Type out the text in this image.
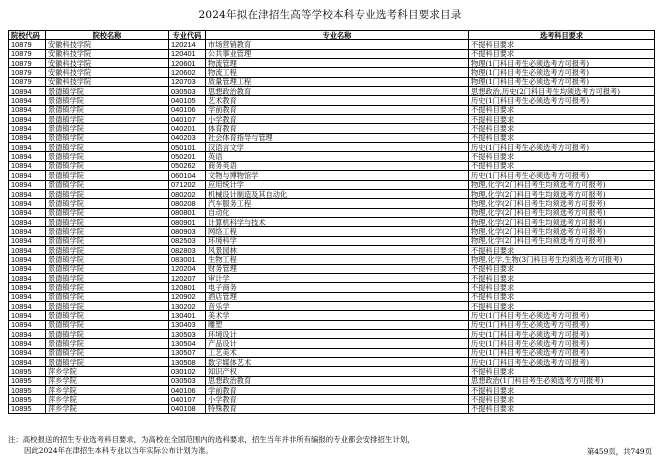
2024年拟在津招生高等学校本科专业选考科目要求目录
院校代码	院校名称	专业代码	专业名称	选考科目要求
10879	安徽科技学院	120214	市场营销教育	不提科目要求
10879	安徽科技学院	120401	公共事业管理	不提科目要求
10879	安徽科技学院	120601	物流管理	物理(1门科目考生必须选考方可报考)
10879	安徽科技学院	120602	物流工程	物理(1门科目考生必须选考方可报考)
10879	安徽科技学院	120703	质量管理工程	物理(1门科目考生必须选考方可报考)
10894	景德镇学院	030503	思想政治教育	思想政治,历史(2门科目考生均须选考方可报考)
10894	景德镇学院	040105	艺术教育	历史(1门科目考生必须选考方可报考)
10894	景德镇学院	040106	学前教育	不提科目要求
10894	景德镇学院	040107	小学教育	不提科目要求
10894	景德镇学院	040201	体育教育	不提科目要求
10894	景德镇学院	040203	社会体育指导与管理	不提科目要求
10894	景德镇学院	050101	汉语言文学	历史(1门科目考生必须选考方可报考)
10894	景德镇学院	050201	英语	不提科目要求
10894	景德镇学院	050262	商务英语	不提科目要求
10894	景德镇学院	060104	文物与博物馆学	历史(1门科目考生必须选考方可报考)
10894	景德镇学院	071202	应用统计学	物理,化学(2门科目考生均须选考方可报考)
10894	景德镇学院	080202	机械设计制造及其自动化	物理,化学(2门科目考生均须选考方可报考)
10894	景德镇学院	080208	汽车服务工程	物理,化学(2门科目考生均须选考方可报考)
10894	景德镇学院	080801	自动化	物理,化学(2门科目考生均须选考方可报考)
10894	景德镇学院	080901	计算机科学与技术	物理,化学(2门科目考生均须选考方可报考)
10894	景德镇学院	080903	网络工程	物理,化学(2门科目考生均须选考方可报考)
10894	景德镇学院	082503	环境科学	物理,化学(2门科目考生均须选考方可报考)
10894	景德镇学院	082803	风景园林	不提科目要求
10894	景德镇学院	083001	生物工程	物理,化学,生物(3门科目考生均须选考方可报考)
10894	景德镇学院	120204	财务管理	不提科目要求
10894	景德镇学院	120207	审计学	不提科目要求
10894	景德镇学院	120801	电子商务	不提科目要求
10894	景德镇学院	120902	酒店管理	不提科目要求
10894	景德镇学院	130202	音乐学	不提科目要求
10894	景德镇学院	130401	美术学	历史(1门科目考生必须选考方可报考)
10894	景德镇学院	130403	雕塑	历史(1门科目考生必须选考方可报考)
10894	景德镇学院	130503	环境设计	历史(1门科目考生必须选考方可报考)
10894	景德镇学院	130504	产品设计	历史(1门科目考生必须选考方可报考)
10894	景德镇学院	130507	工艺美术	历史(1门科目考生必须选考方可报考)
10894	景德镇学院	130508	数字媒体艺术	历史(1门科目考生必须选考方可报考)
10895	萍乡学院	030102	知识产权	不提科目要求
10895	萍乡学院	030503	思想政治教育	思想政治(1门科目考生必须选考方可报考)
10895	萍乡学院	040106	学前教育	不提科目要求
10895	萍乡学院	040107	小学教育	不提科目要求
10895	萍乡学院	040108	特殊教育	不提科目要求
注：高校报送的招生专业选考科目要求，为高校在全国范围内的选科要求，招生当年并非所有编报的专业都会安排招生计划，
因此2024年在津招生本科专业以当年实际公布计划为准。	第459页，共749页
